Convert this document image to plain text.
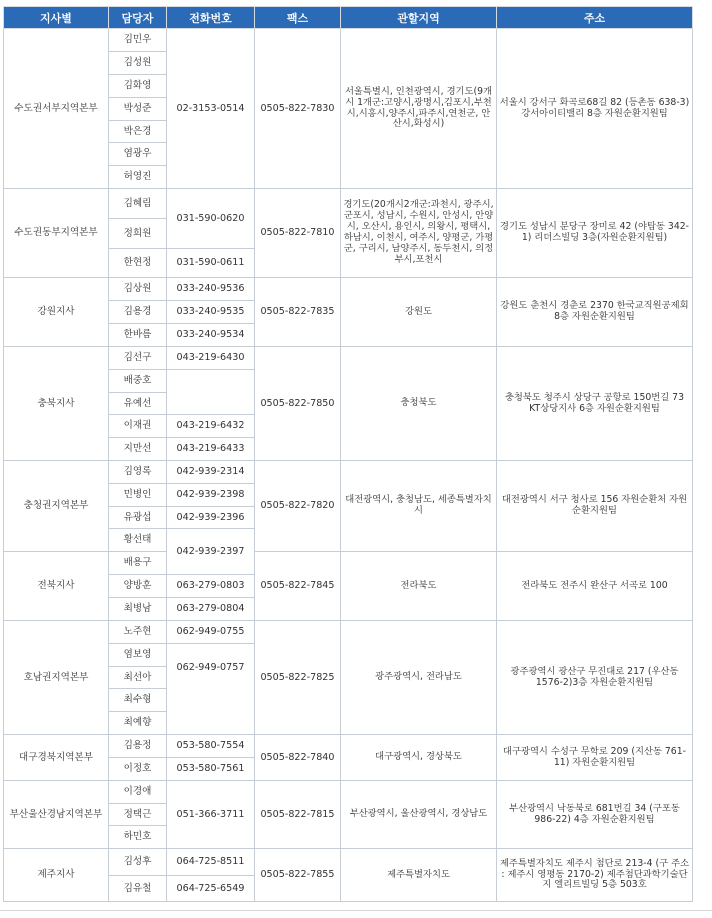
지사별	담당자	전화번호	팩스	관할지역	주소
수도권서부지역본부	김민우	02-3153-0514	0505-822-7830	서울특별시, 인천광역시, 경기도(9개시 1개군:고양시,광명시,김포시,부천시,시흥시,양주시,파주시,연천군, 안산시,화성시)	서울시 강서구 화곡로68길 82 (등촌동 638-3) 강서아이티밸리 8층 자원순환지원팀
	김성원				
	김화영				
	박성준				
	박은경				
	염광우				
	허영진				
수도권동부지역본부	김혜림	031-590-0620	0505-822-7810	경기도(20개시2개군:과천시, 광주시, 군포시, 성남시, 수원시, 안성시, 안양시, 오산시, 용인시, 의왕시, 평택시, 하남시, 이천시, 여주시, 양평군, 가평군, 구리시, 남양주시, 동두천시, 의정부시,포천시	경기도 성남시 분당구 장미로 42 (야탑동 342-1) 리더스빌딩 3층(자원순환지원팀)
	정희원				
	한현정	031-590-0611			
강원지사	김상원	033-240-9536	0505-822-7835	강원도	강원도 춘천시 경춘로 2370 한국교직원공제회 8층 자원순환지원팀
	김용경	033-240-9535			
	한바름	033-240-9534			
충북지사	김선구	043-219-6430	0505-822-7850	충청북도	충청북도 청주시 상당구 공항로 150번길 73 KT상당지사 6층 자원순환지원팀
	배중호				
	유예선				
	이재권	043-219-6432			
	지만선	043-219-6433			
충청권지역본부	김영록	042-939-2314	0505-822-7820	대전광역시, 충청남도, 세종특별자치시	대전광역시 서구 청사로 156 자원순환처 자원순환지원팀
	민병인	042-939-2398			
	유광섭	042-939-2396			
	황선태	042-939-2397			
전북지사	배용구		0505-822-7845	전라북도	전라북도 전주시 완산구 서곡로 100
	양방훈	063-279-0803			
	최병남	063-279-0804			
호남권지역본부	노주현	062-949-0755	0505-822-7825	광주광역시, 전라남도	광주광역시 광산구 무진대로 217 (우산동 1576-2)3층 자원순환지원팀
	염보영	062-949-0757			
	최선아				
	최수형				
	최예향				
대구경북지역본부	김용정	053-580-7554	0505-822-7840	대구광역시, 경상북도	대구광역시 수성구 무학로 209 (지산동 761-11) 자원순환지원팀
	이정호	053-580-7561			
부산울산경남지역본부	이경애	051-366-3711	0505-822-7815	부산광역시, 울산광역시, 경상남도	부산광역시 낙동북로 681번길 34 (구포동 986-22) 4층 자원순환지원팀
	정택근				
	하민호				
제주지사	김성후	064-725-8511	0505-822-7855	제주특별자치도	제주특별자치도 제주시 첨단로 213-4 (구 주소 : 제주시 영평동 2170-2) 제주첨단과학기술단지 엘리트빌딩 5층 503호
	김유철	064-725-6549			
